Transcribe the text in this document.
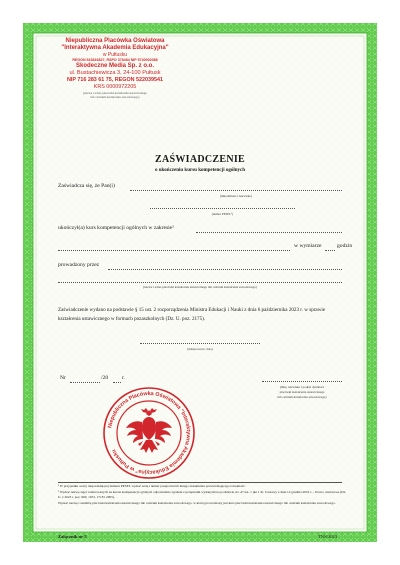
Niepubliczna Placówka Oświatowa
"Interaktywna Akademia Edukacyjna"
w Pułtusku
REGON 523816827, RSPO 378484 NIP 5740002088
Skodeczne Media Sp. z o.o.
ul. Bustachiewicza 3, 24-100 Pułtusk
NIP 716 283 61 75, REGON 522039541
KRS 0000972205
(nazwa i adres placówki kształcenia ustawicznego
lub centrum kształcenia zawodowego)
ZAŚWIADCZENIE
o ukończeniu kursu kompetencji ogólnych
Zaświadcza się, że Pan(i)
(imię/imiona i nazwisko)
(numer PESEL¹)
ukończył(a) kurs kompetencji ogólnych w zakresie²
w wymiarze	godzin
prowadzony przez
(nazwa i adres placówki kształcenia ustawicznego lub centrum kształcenia zawodowego)
Zaświadczenie wydano na podstawie § 15 ust. 2 rozporządzenia Ministra Edukacji i Nauki z dnia 6 października 2023 r. w sprawie kształcenia ustawicznego w formach pozaszkolnych (Dz. U. poz. 2175).
(miejscowość, data)
Nr	/20 r.
(imię, nazwisko i podpis dyrektora
placówki kształcenia ustawicznego
lub centrum kształcenia zawodowego)
Niepubliczna Placówka Oświatowa "Interaktywna Akademia Edukacyjna" w Pułtusku
¹ W przypadku osoby nieposiadającej numeru PESEL wpisać serię i numer paszportu lub innego dokumentu potwierdzającego tożsamość.
² Wpisać nazwę zajęć realizowanych na kursie kompetencji ogólnych odpowiednio zgodnie z przepisami wydanymi na podstawie art. 47 ust. 1 pkt 1 lit. b ustawy z dnia 14 grudnia 2016 r. – Prawo oświatowe (Dz. U. z 2023 r. poz. 900, 1672, 1718 i 2005).
Wpisać nazwę i siedzibę placówki kształcenia ustawicznego lub centrum kształcenia zawodowego, w której prowadzony jest kurs placówki kształcenia ustawicznego lub centrum kształcenia zawodowego.
Załącznik nr 5	TNS/2023
